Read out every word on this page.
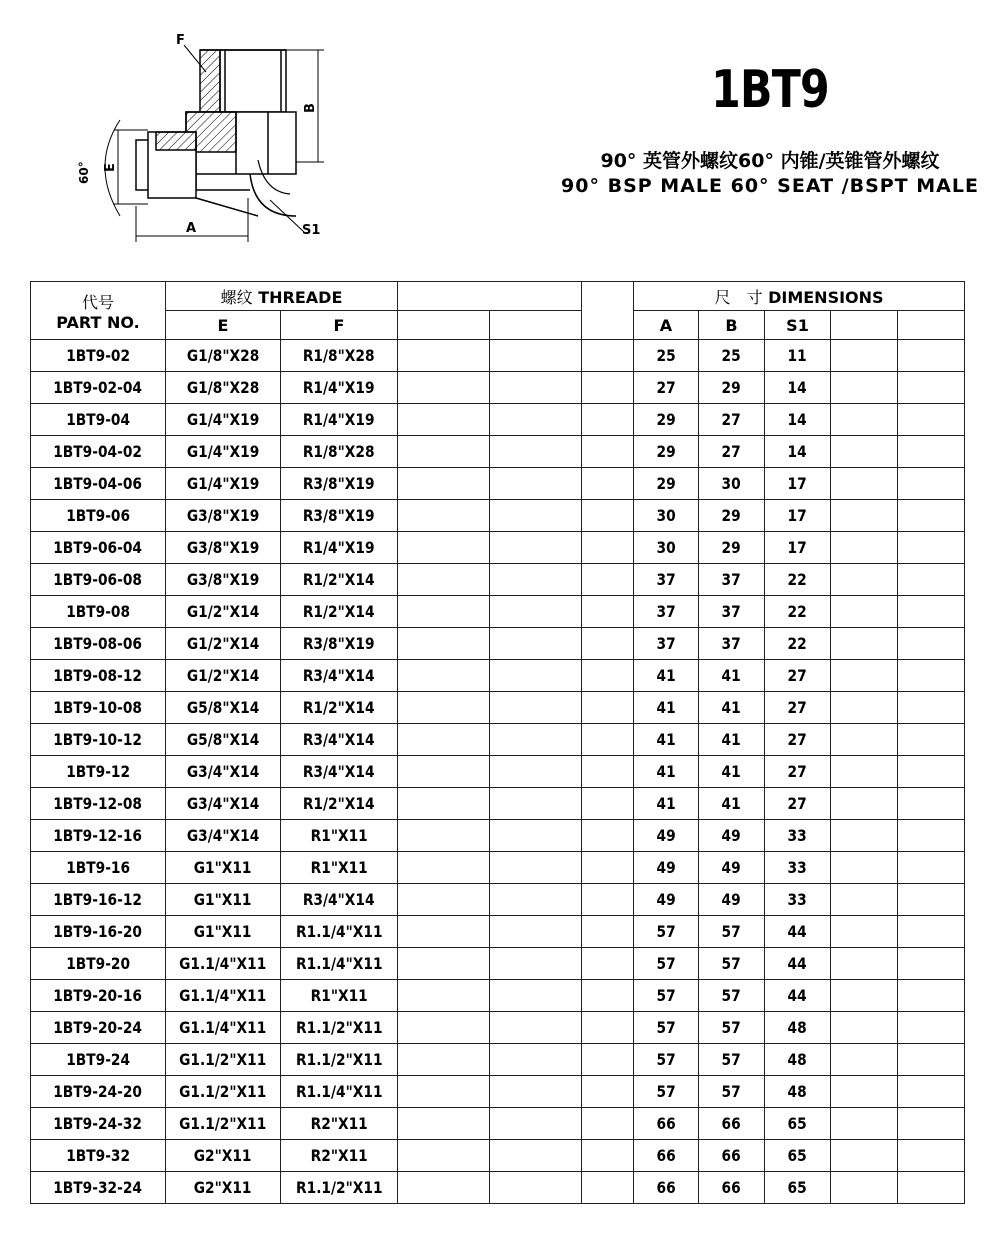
F
B
E
60°
A	S1
1BT9
90° 英管外螺纹60° 内锥/英锥管外螺纹
90° BSP MALE 60° SEAT /BSPT MALE
代号
PART NO.	螺纹 THREADE					尺　寸 DIMENSIONS				
	E	F				A	B	S1		
1BT9-02	G1/8"X28	R1/8"X28				25	25	11		
1BT9-02-04	G1/8"X28	R1/4"X19				27	29	14		
1BT9-04	G1/4"X19	R1/4"X19				29	27	14		
1BT9-04-02	G1/4"X19	R1/8"X28				29	27	14		
1BT9-04-06	G1/4"X19	R3/8"X19				29	30	17		
1BT9-06	G3/8"X19	R3/8"X19				30	29	17		
1BT9-06-04	G3/8"X19	R1/4"X19				30	29	17		
1BT9-06-08	G3/8"X19	R1/2"X14				37	37	22		
1BT9-08	G1/2"X14	R1/2"X14				37	37	22		
1BT9-08-06	G1/2"X14	R3/8"X19				37	37	22		
1BT9-08-12	G1/2"X14	R3/4"X14				41	41	27		
1BT9-10-08	G5/8"X14	R1/2"X14				41	41	27		
1BT9-10-12	G5/8"X14	R3/4"X14				41	41	27		
1BT9-12	G3/4"X14	R3/4"X14				41	41	27		
1BT9-12-08	G3/4"X14	R1/2"X14				41	41	27		
1BT9-12-16	G3/4"X14	R1"X11				49	49	33		
1BT9-16	G1"X11	R1"X11				49	49	33		
1BT9-16-12	G1"X11	R3/4"X14				49	49	33		
1BT9-16-20	G1"X11	R1.1/4"X11				57	57	44		
1BT9-20	G1.1/4"X11	R1.1/4"X11				57	57	44		
1BT9-20-16	G1.1/4"X11	R1"X11				57	57	44		
1BT9-20-24	G1.1/4"X11	R1.1/2"X11				57	57	48		
1BT9-24	G1.1/2"X11	R1.1/2"X11				57	57	48		
1BT9-24-20	G1.1/2"X11	R1.1/4"X11				57	57	48		
1BT9-24-32	G1.1/2"X11	R2"X11				66	66	65		
1BT9-32	G2"X11	R2"X11				66	66	65		
1BT9-32-24	G2"X11	R1.1/2"X11				66	66	65		
